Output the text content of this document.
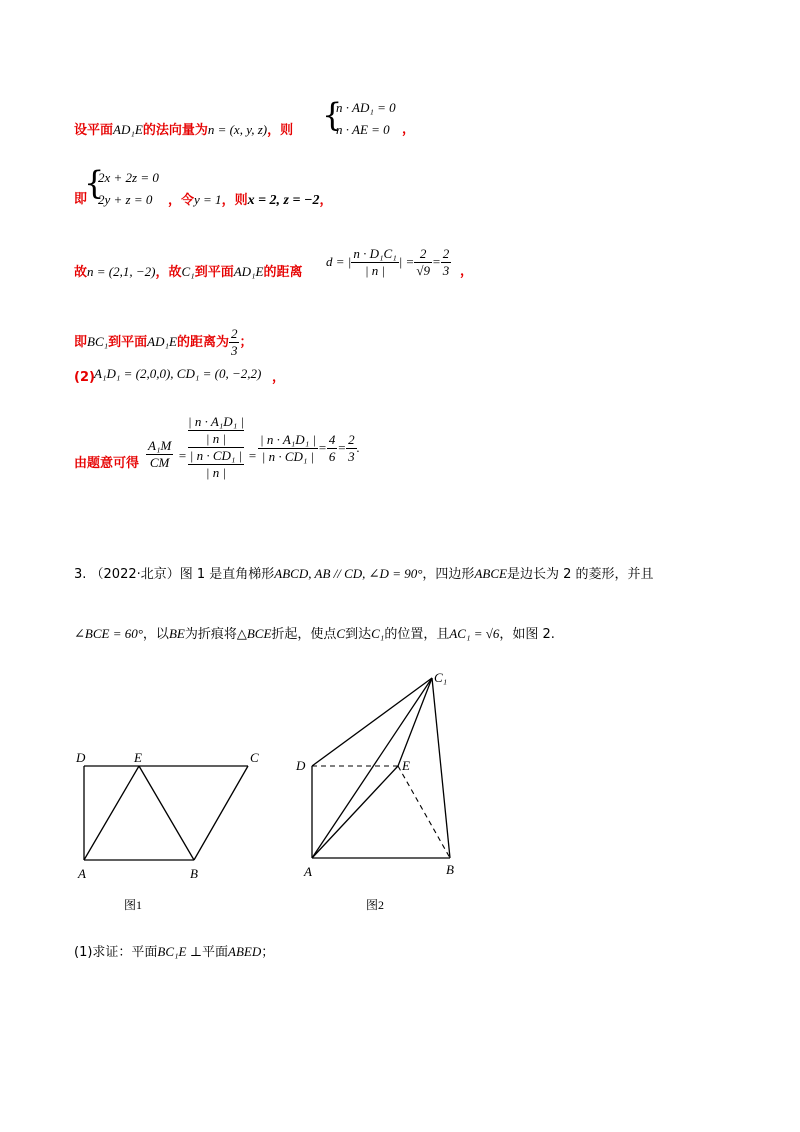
设平面AD₁E的法向量为n = (x, y, z)，则 {
n · AD₁ = 0
n · AE = 0 ，
即
{
2x + 2z = 0
2y + z = 0 ，令y = 1，则x = 2, z = −2，
故n = (2,1, −2)，故C₁到平面AD₁E的距离
d = | $\frac{\text{n · D₁C₁}}{| n |}$ | = $\frac{2}{√9} = \frac{2}{3}$ ，
即BC₁到平面AD₁E的距离为 $\frac{2}{3}$ ；
(2) A₁D₁ = (2,0,0), CD₁ = (0, −2,2) ，
由题意可得 $\frac{\text{A₁M}}{CM}$ =
| n · A₁D₁ |
| n |
| n · CD₁ |
| n |
= $\frac{\text{| n · A₁D₁ |}}{\text{| n · CD₁ |}} = \frac{4}{6} = \frac{2}{3}$ .
3. （2022·北京）图 1 是直角梯形ABCD, AB // CD, ∠D = 90°，四边形ABCE是边长为 2 的菱形，并且
∠BCE = 60°，以BE为折痕将△BCE折起，使点C到达C₁的位置，且AC₁ = √6，如图 2.
D	E	C
A	B
图1
C₁
D	E
A	B
图2
(1)求证：平面BC₁E ⊥平面ABED；
